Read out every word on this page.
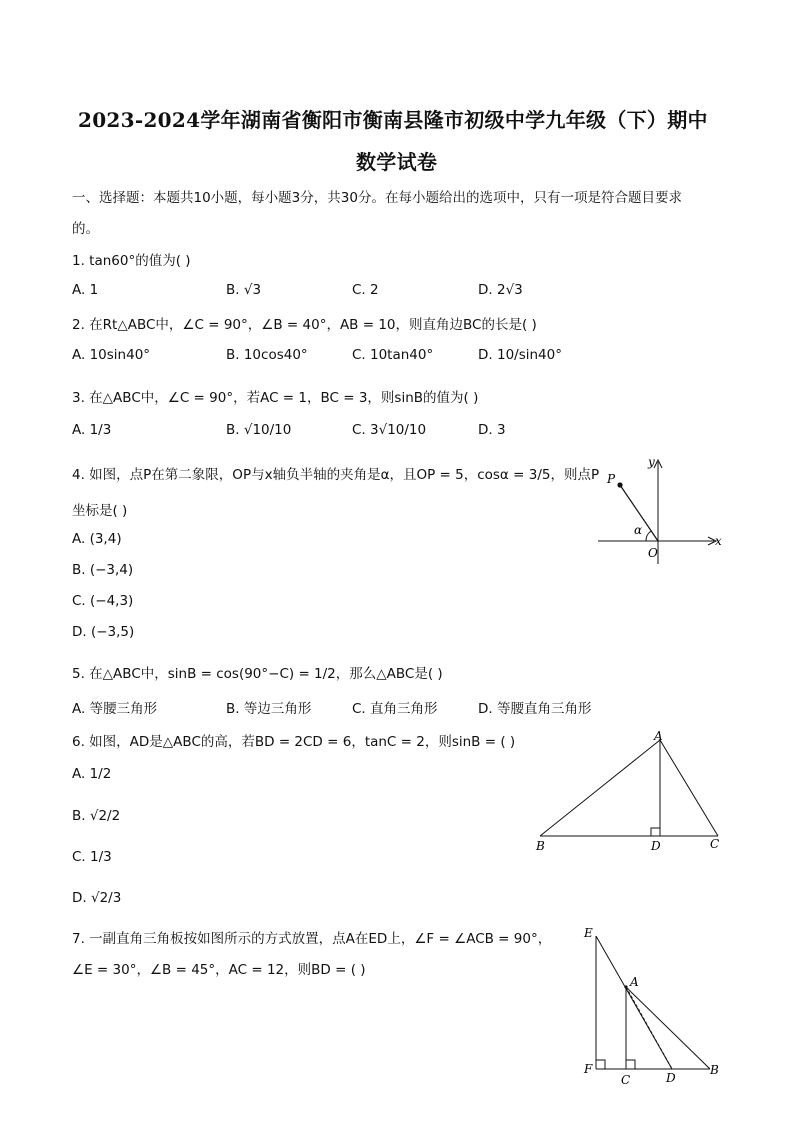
2023-2024学年湖南省衡阳市衡南县隆市初级中学九年级（下）期中
数学试卷
一、选择题：本题共10小题，每小题3分，共30分。在每小题给出的选项中，只有一项是符合题目要求
的。
1. tan60°的值为( )
A. 1	B. √3	C. 2	D. 2√3
2. 在Rt△ABC中，∠C = 90°，∠B = 40°，AB = 10，则直角边BC的长是( )
A. 10sin40°	B. 10cos40°	C. 10tan40°	D. 10/sin40°
3. 在△ABC中，∠C = 90°，若AC = 1，BC = 3，则sinB的值为( )
A. 1/3	B. √10/10	C. 3√10/10	D. 3
4. 如图，点P在第二象限，OP与x轴负半轴的夹角是α，且OP = 5，cosα = 3/5，则点P
坐标是( )
A. (3,4)
B. (−3,4)
C. (−4,3)
D. (−3,5)
P
α
O
x
y
5. 在△ABC中，sinB = cos(90°−C) = 1/2，那么△ABC是( )
A. 等腰三角形	B. 等边三角形	C. 直角三角形	D. 等腰直角三角形
6. 如图，AD是△ABC的高，若BD = 2CD = 6，tanC = 2，则sinB = ( )
A. 1/2
B. √2/2
C. 1/3
D. √2/3
A
B	D	C
7. 一副直角三角板按如图所示的方式放置，点A在ED上，∠F = ∠ACB = 90°，
∠E = 30°，∠B = 45°，AC = 12，则BD = ( )
E
A
F
C	D
B
